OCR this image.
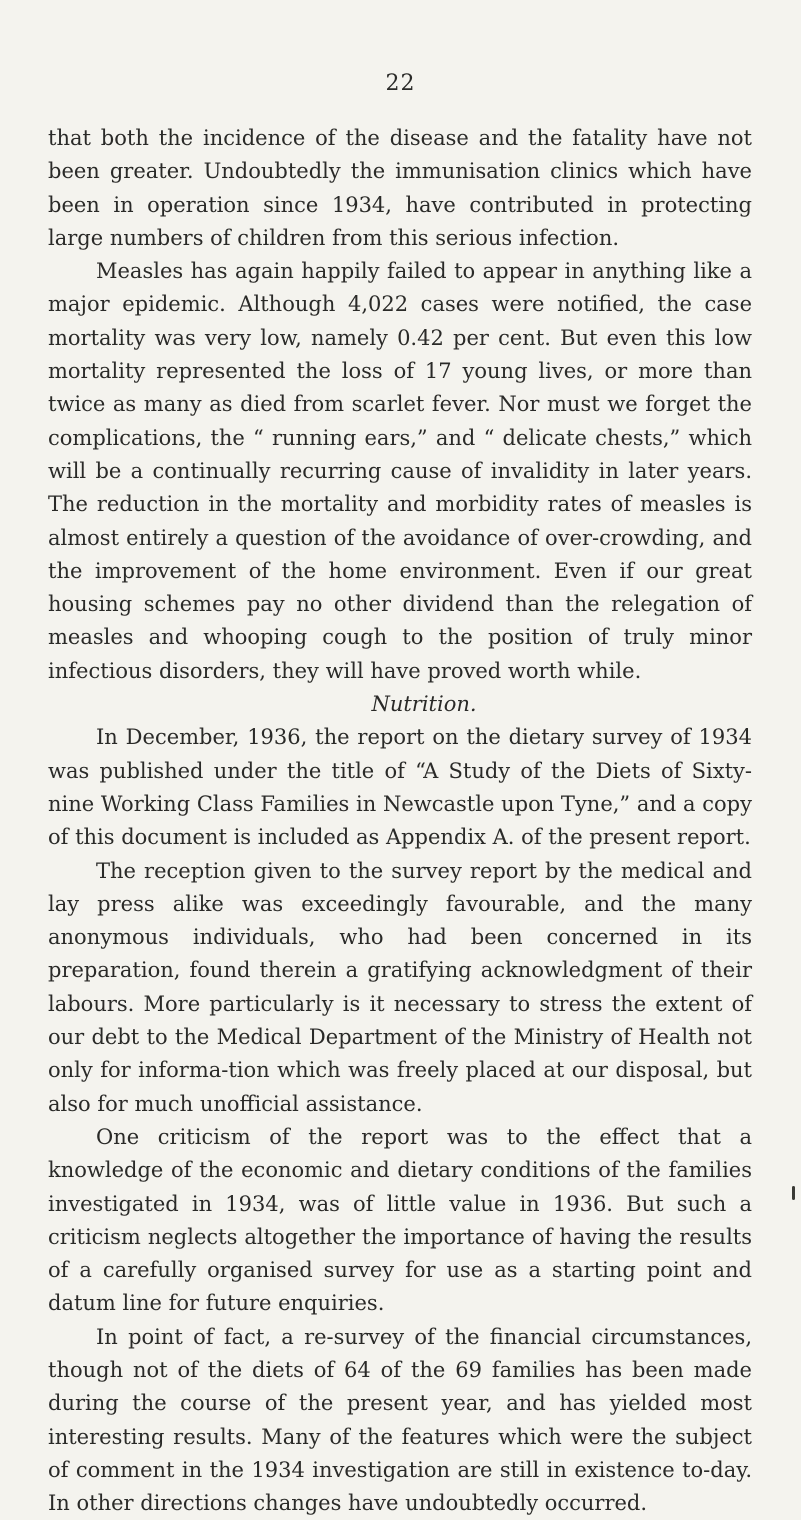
22

that both the incidence of the disease and the fatality have not been greater. Undoubtedly the immunisation clinics which have been in operation since 1934, have contributed in protecting large numbers of children from this serious infection.

Measles has again happily failed to appear in anything like a major epidemic. Although 4,022 cases were notified, the case mortality was very low, namely 0.42 per cent. But even this low mortality represented the loss of 17 young lives, or more than twice as many as died from scarlet fever. Nor must we forget the complications, the “ running ears,” and “ delicate chests,” which will be a continually recurring cause of invalidity in later years. The reduction in the mortality and morbidity rates of measles is almost entirely a question of the avoidance of over-crowding, and the improvement of the home environment. Even if our great housing schemes pay no other dividend than the relegation of measles and whooping cough to the position of truly minor infectious disorders, they will have proved worth while.

Nutrition.

In December, 1936, the report on the dietary survey of 1934 was published under the title of “A Study of the Diets of Sixty-nine Working Class Families in Newcastle upon Tyne,” and a copy of this document is included as Appendix A. of the present report.

The reception given to the survey report by the medical and lay press alike was exceedingly favourable, and the many anonymous individuals, who had been concerned in its preparation, found therein a gratifying acknowledgment of their labours. More particularly is it necessary to stress the extent of our debt to the Medical Department of the Ministry of Health not only for informa-tion which was freely placed at our disposal, but also for much unofficial assistance.

One criticism of the report was to the effect that a knowledge of the economic and dietary conditions of the families investigated in 1934, was of little value in 1936. But such a criticism neglects altogether the importance of having the results of a carefully organised survey for use as a starting point and datum line for future enquiries.

In point of fact, a re-survey of the financial circumstances, though not of the diets of 64 of the 69 families has been made during the course of the present year, and has yielded most interesting results. Many of the features which were the subject of comment in the 1934 investigation are still in existence to-day. In other directions changes have undoubtedly occurred.
